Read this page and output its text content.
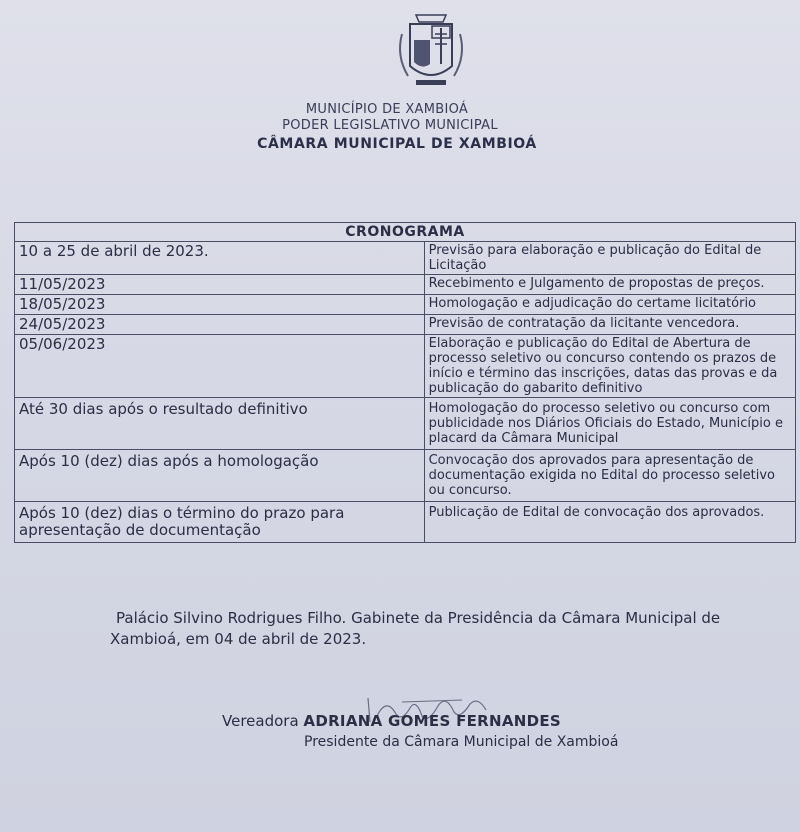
MUNICÍPIO DE XAMBIOÁ
PODER LEGISLATIVO MUNICIPAL
CÂMARA MUNICIPAL DE XAMBIOÁ
CRONOGRAMA	
10 a 25 de abril de 2023.	Previsão para elaboração e publicação do Edital de Licitação
11/05/2023	Recebimento e Julgamento de propostas de preços.
18/05/2023	Homologação e adjudicação do certame licitatório
24/05/2023	Previsão de contratação da licitante vencedora.
05/06/2023	Elaboração e publicação do Edital de Abertura de processo seletivo ou concurso contendo os prazos de início e término das inscrições, datas das provas e da publicação do gabarito definitivo
Até 30 dias após o resultado definitivo	Homologação do processo seletivo ou concurso com publicidade nos Diários Oficiais do Estado, Município e placard da Câmara Municipal
Após 10 (dez) dias após a homologação	Convocação dos aprovados para apresentação de documentação exigida no Edital do processo seletivo ou concurso.
Após 10 (dez) dias o término do prazo para apresentação de documentação	Publicação de Edital de convocação dos aprovados.
Palácio Silvino Rodrigues Filho. Gabinete da Presidência da Câmara Municipal de Xambioá, em 04 de abril de 2023.
Vereadora ADRIANA GOMES FERNANDES
Presidente da Câmara Municipal de Xambioá
